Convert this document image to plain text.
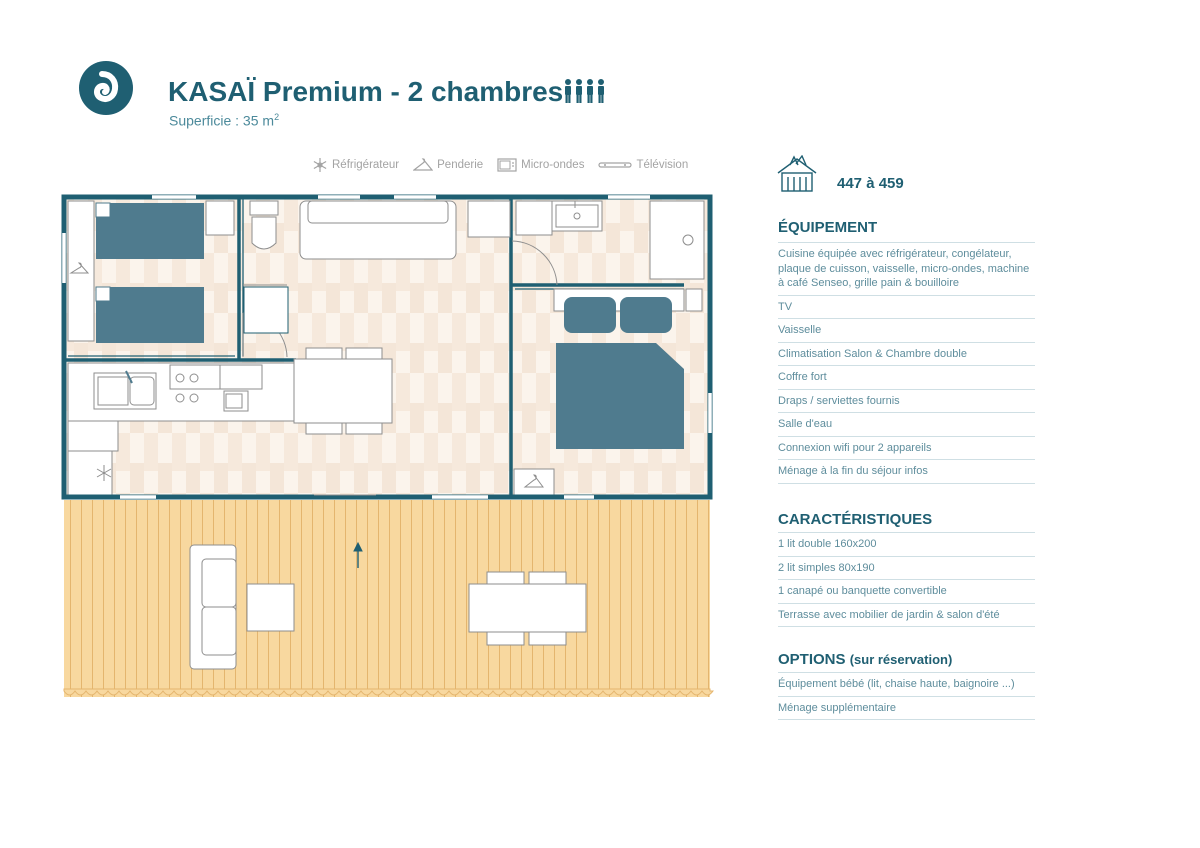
KASAÏ Premium - 2 chambres
Superficie : 35 $m^2$
Réfrigérateur	Penderie	Micro-ondes	Télévision
447 à 459
ÉQUIPEMENT
Cuisine équipée avec réfrigérateur, congélateur, plaque de cuisson, vaisselle, micro-ondes, machine à café Senseo, grille pain & bouilloire
TV
Vaisselle
Climatisation Salon & Chambre double
Coffre fort
Draps / serviettes fournis
Salle d'eau
Connexion wifi pour 2 appareils
Ménage à la fin du séjour infos
CARACTÉRISTIQUES
1 lit double 160x200
2 lit simples 80x190
1 canapé ou banquette convertible
Terrasse avec mobilier de jardin & salon d'été
OPTIONS (sur réservation)
Équipement bébé (lit, chaise haute, baignoire ...)
Ménage supplémentaire
